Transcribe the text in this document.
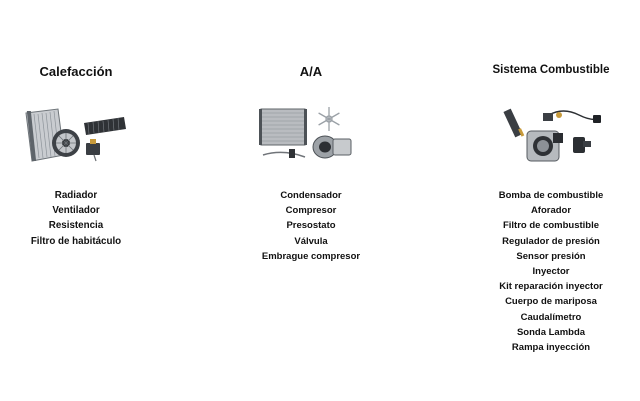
Calefacción
Radiador
Ventilador
Resistencia
Filtro de habitáculo
A/A
Condensador
Compresor
Presostato
Válvula
Embrague compresor
Sistema Combustible
Bomba de combustible
Aforador
Filtro de combustible
Regulador de presión
Sensor presión
Inyector
Kit reparación inyector
Cuerpo de mariposa
Caudalímetro
Sonda Lambda
Rampa inyección
